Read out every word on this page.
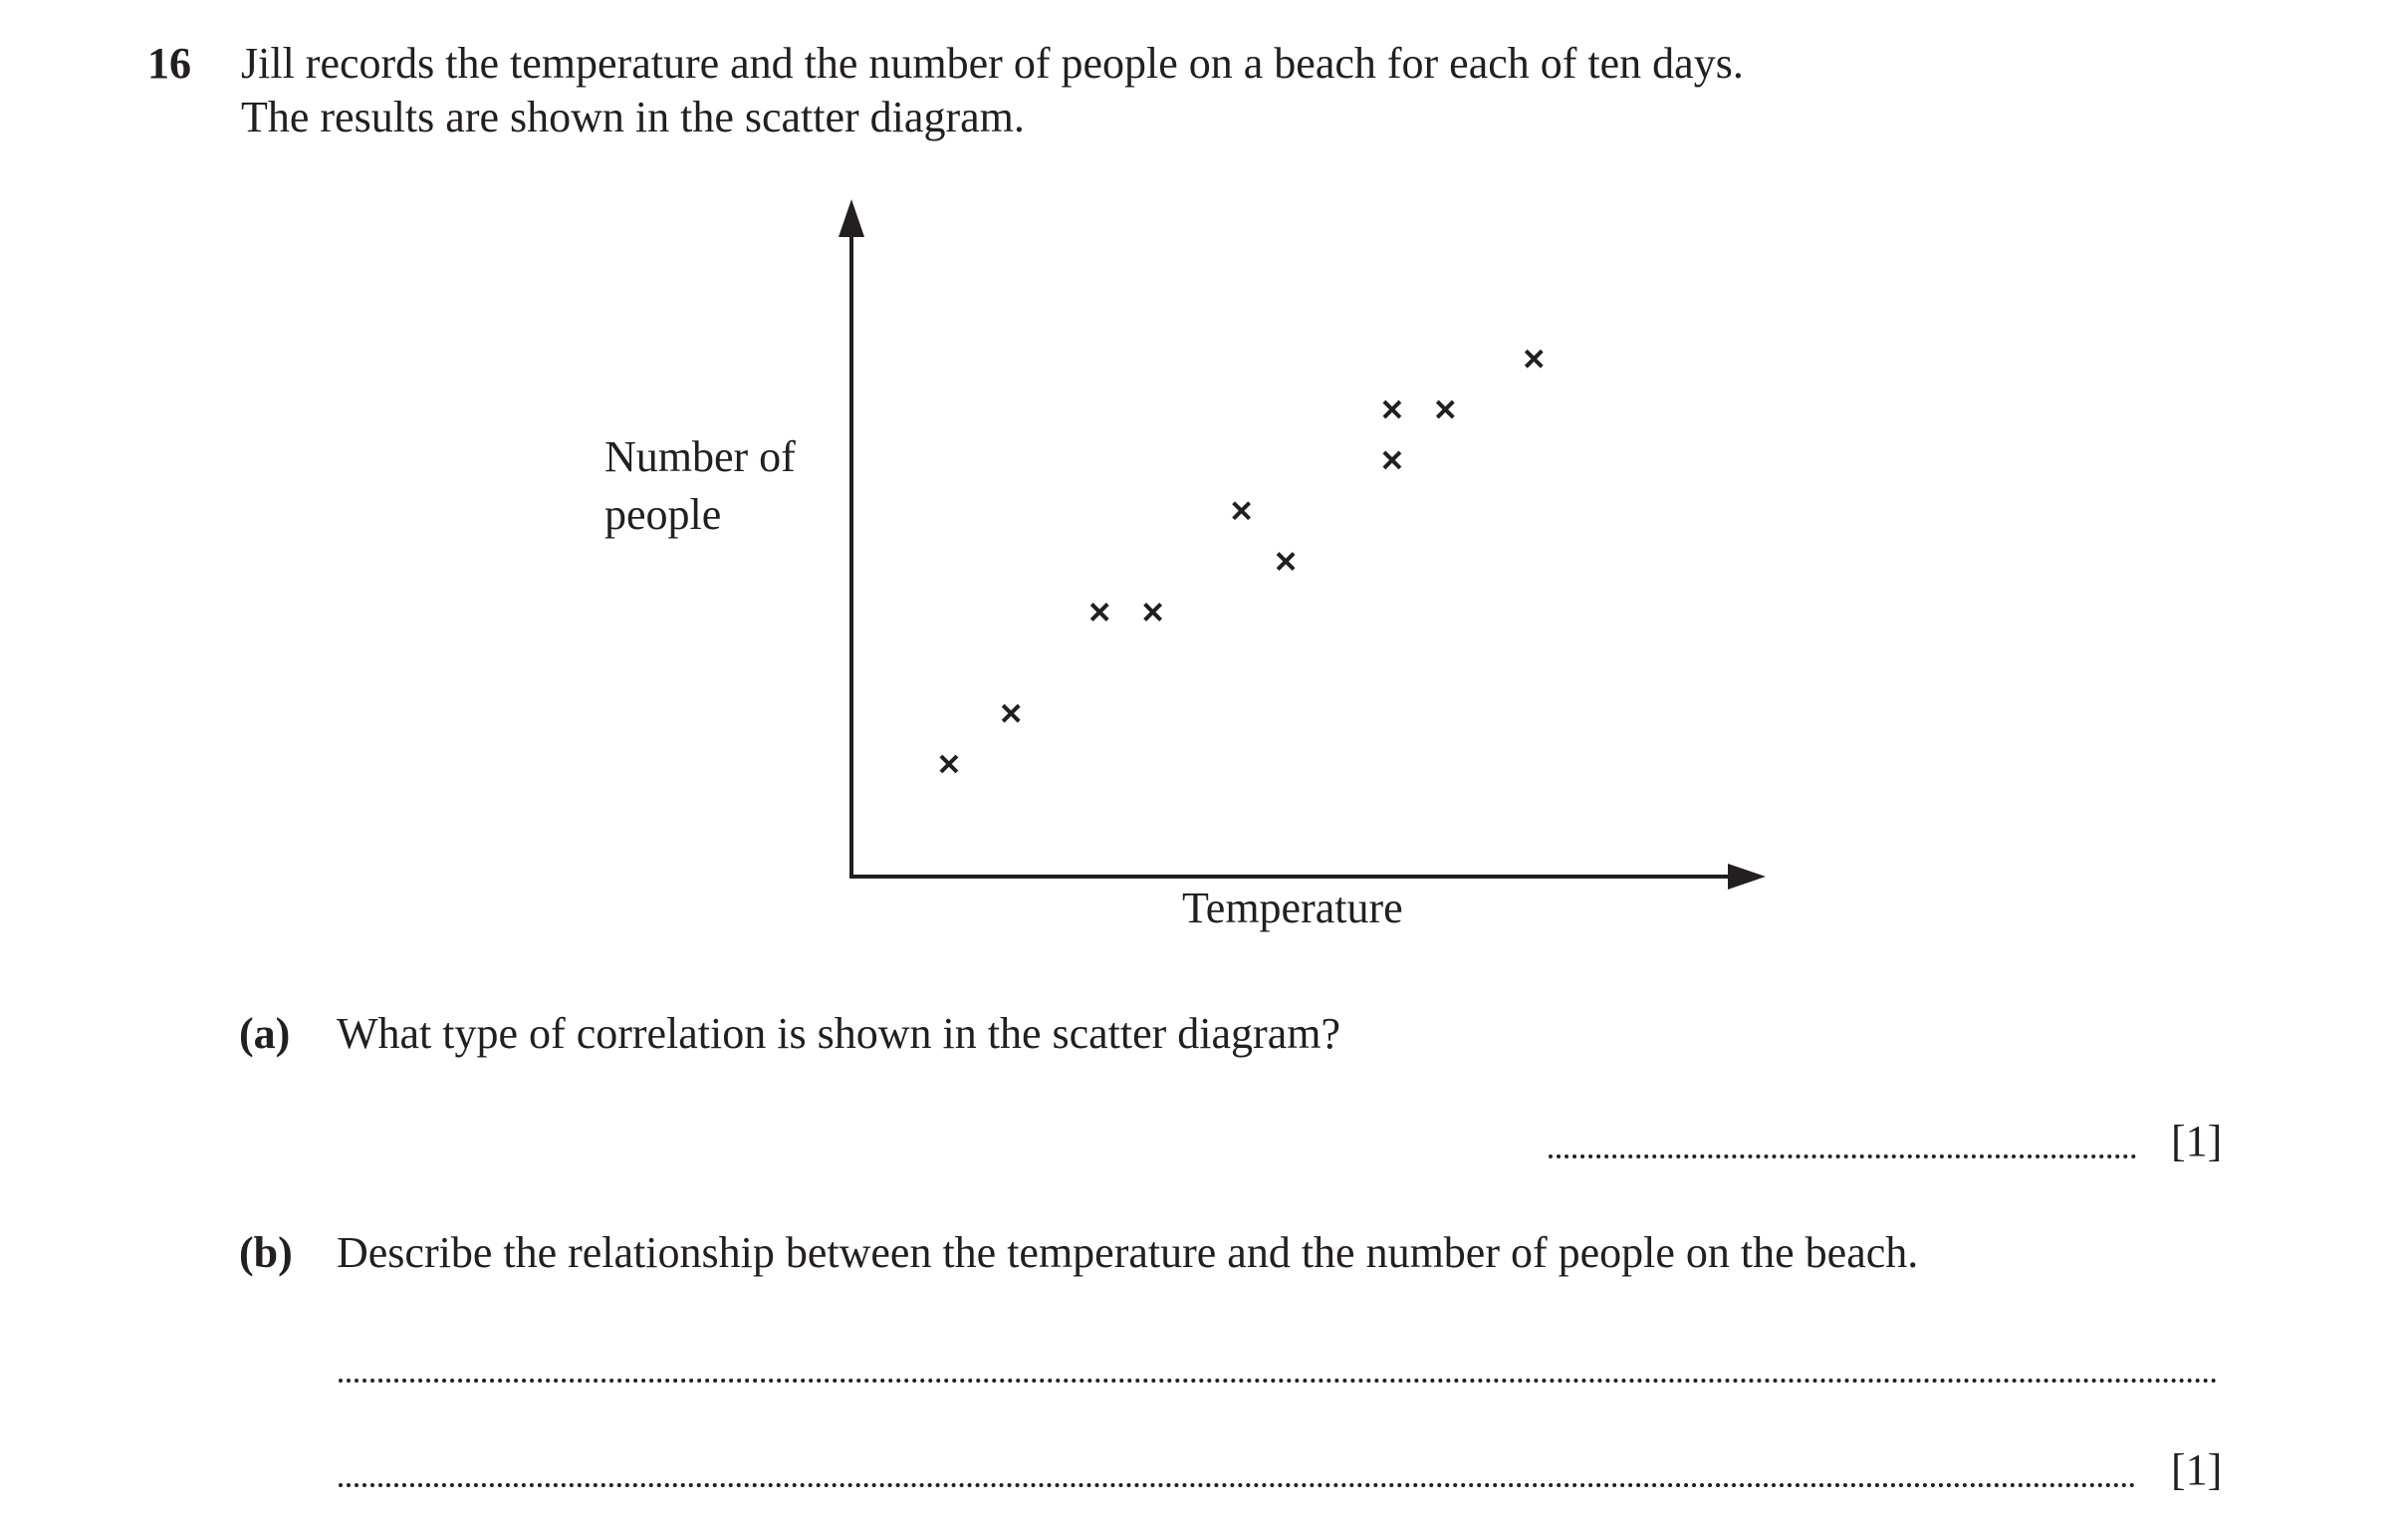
16 Jill records the temperature and the number of people on a beach for each of ten days.
The results are shown in the scatter diagram.
Number of people
Temperature
(a) What type of correlation is shown in the scatter diagram?
[1]
(b) Describe the relationship between the temperature and the number of people on the beach.
[1]
